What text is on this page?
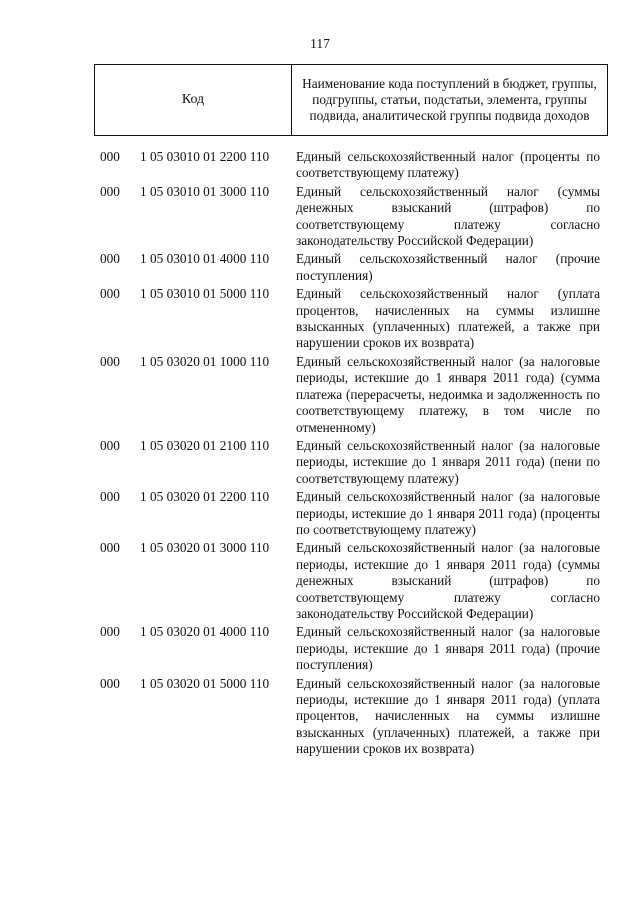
117
Код
Наименование кода поступлений в бюджет, группы, подгруппы, статьи, подстатьи, элемента, группы подвида, аналитической группы подвида доходов
000	1 05 03010 01 2200 110	Единый сельскохозяйственный налог (проценты по соответствующему платежу)
000	1 05 03010 01 3000 110	Единый сельскохозяйственный налог (суммы денежных взысканий (штрафов) по соответствующему платежу согласно законодательству Российской Федерации)
000	1 05 03010 01 4000 110	Единый сельскохозяйственный налог (прочие поступления)
000	1 05 03010 01 5000 110	Единый сельскохозяйственный налог (уплата процентов, начисленных на суммы излишне взысканных (уплаченных) платежей, а также при нарушении сроков их возврата)
000	1 05 03020 01 1000 110	Единый сельскохозяйственный налог (за налоговые периоды, истекшие до 1 января 2011 года) (сумма платежа (перерасчеты, недоимка и задолженность по соответствующему платежу, в том числе по отмененному)
000	1 05 03020 01 2100 110	Единый сельскохозяйственный налог (за налоговые периоды, истекшие до 1 января 2011 года) (пени по соответствующему платежу)
000	1 05 03020 01 2200 110	Единый сельскохозяйственный налог (за налоговые периоды, истекшие до 1 января 2011 года) (проценты по соответствующему платежу)
000	1 05 03020 01 3000 110	Единый сельскохозяйственный налог (за налоговые периоды, истекшие до 1 января 2011 года) (суммы денежных взысканий (штрафов) по соответствующему платежу согласно законодательству Российской Федерации)
000	1 05 03020 01 4000 110	Единый сельскохозяйственный налог (за налоговые периоды, истекшие до 1 января 2011 года) (прочие поступления)
000	1 05 03020 01 5000 110	Единый сельскохозяйственный налог (за налоговые периоды, истекшие до 1 января 2011 года) (уплата процентов, начисленных на суммы излишне взысканных (уплаченных) платежей, а также при нарушении сроков их возврата)
